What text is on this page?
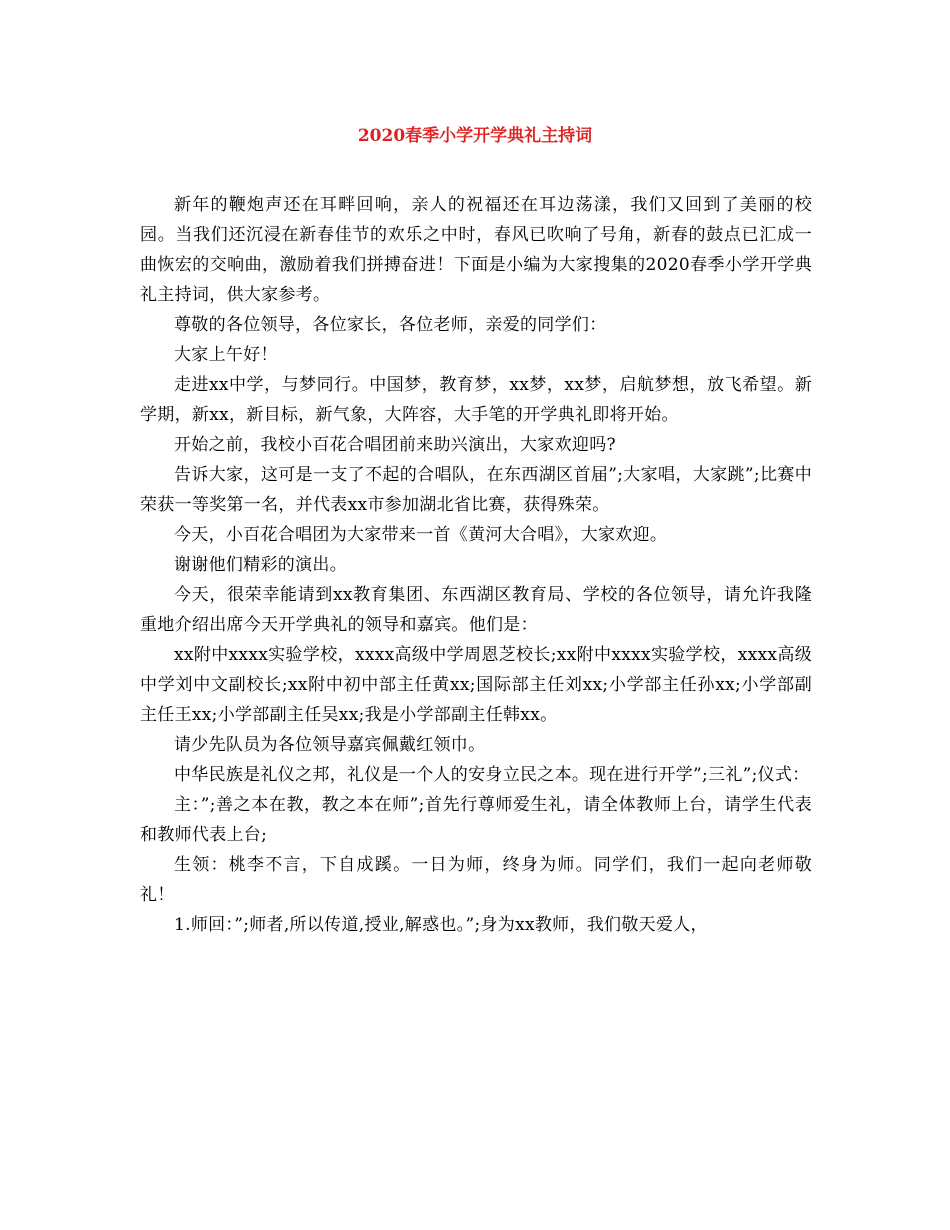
2020春季小学开学典礼主持词

新年的鞭炮声还在耳畔回响，亲人的祝福还在耳边荡漾，我们又回到了美丽的校园。当我们还沉浸在新春佳节的欢乐之中时，春风已吹响了号角，新春的鼓点已汇成一曲恢宏的交响曲，激励着我们拼搏奋进！下面是小编为大家搜集的2020春季小学开学典礼主持词，供大家参考。

尊敬的各位领导，各位家长，各位老师，亲爱的同学们：

大家上午好！

走进xx中学，与梦同行。中国梦，教育梦，xx梦，xx梦，启航梦想，放飞希望。新学期，新xx，新目标，新气象，大阵容，大手笔的开学典礼即将开始。

开始之前，我校小百花合唱团前来助兴演出，大家欢迎吗?

告诉大家，这可是一支了不起的合唱队，在东西湖区首届”;大家唱，大家跳”;比赛中荣获一等奖第一名，并代表xx市参加湖北省比赛，获得殊荣。

今天，小百花合唱团为大家带来一首《黄河大合唱》，大家欢迎。

谢谢他们精彩的演出。

今天，很荣幸能请到xx教育集团、东西湖区教育局、学校的各位领导，请允许我隆重地介绍出席今天开学典礼的领导和嘉宾。他们是：

xx附中xxxx实验学校，xxxx高级中学周恩芝校长;xx附中xxxx实验学校，xxxx高级中学刘中文副校长;xx附中初中部主任黄xx;国际部主任刘xx;小学部主任孙xx;小学部副主任王xx;小学部副主任吴xx;我是小学部副主任韩xx。

请少先队员为各位领导嘉宾佩戴红领巾。

中华民族是礼仪之邦，礼仪是一个人的安身立民之本。现在进行开学”;三礼”;仪式：

主：”;善之本在教，教之本在师”;首先行尊师爱生礼，请全体教师上台，请学生代表和教师代表上台;

生领：桃李不言，下自成蹊。一日为师，终身为师。同学们，我们一起向老师敬礼！

1.师回：”;师者,所以传道,授业,解惑也。”;身为xx教师，我们敬天爱人，
